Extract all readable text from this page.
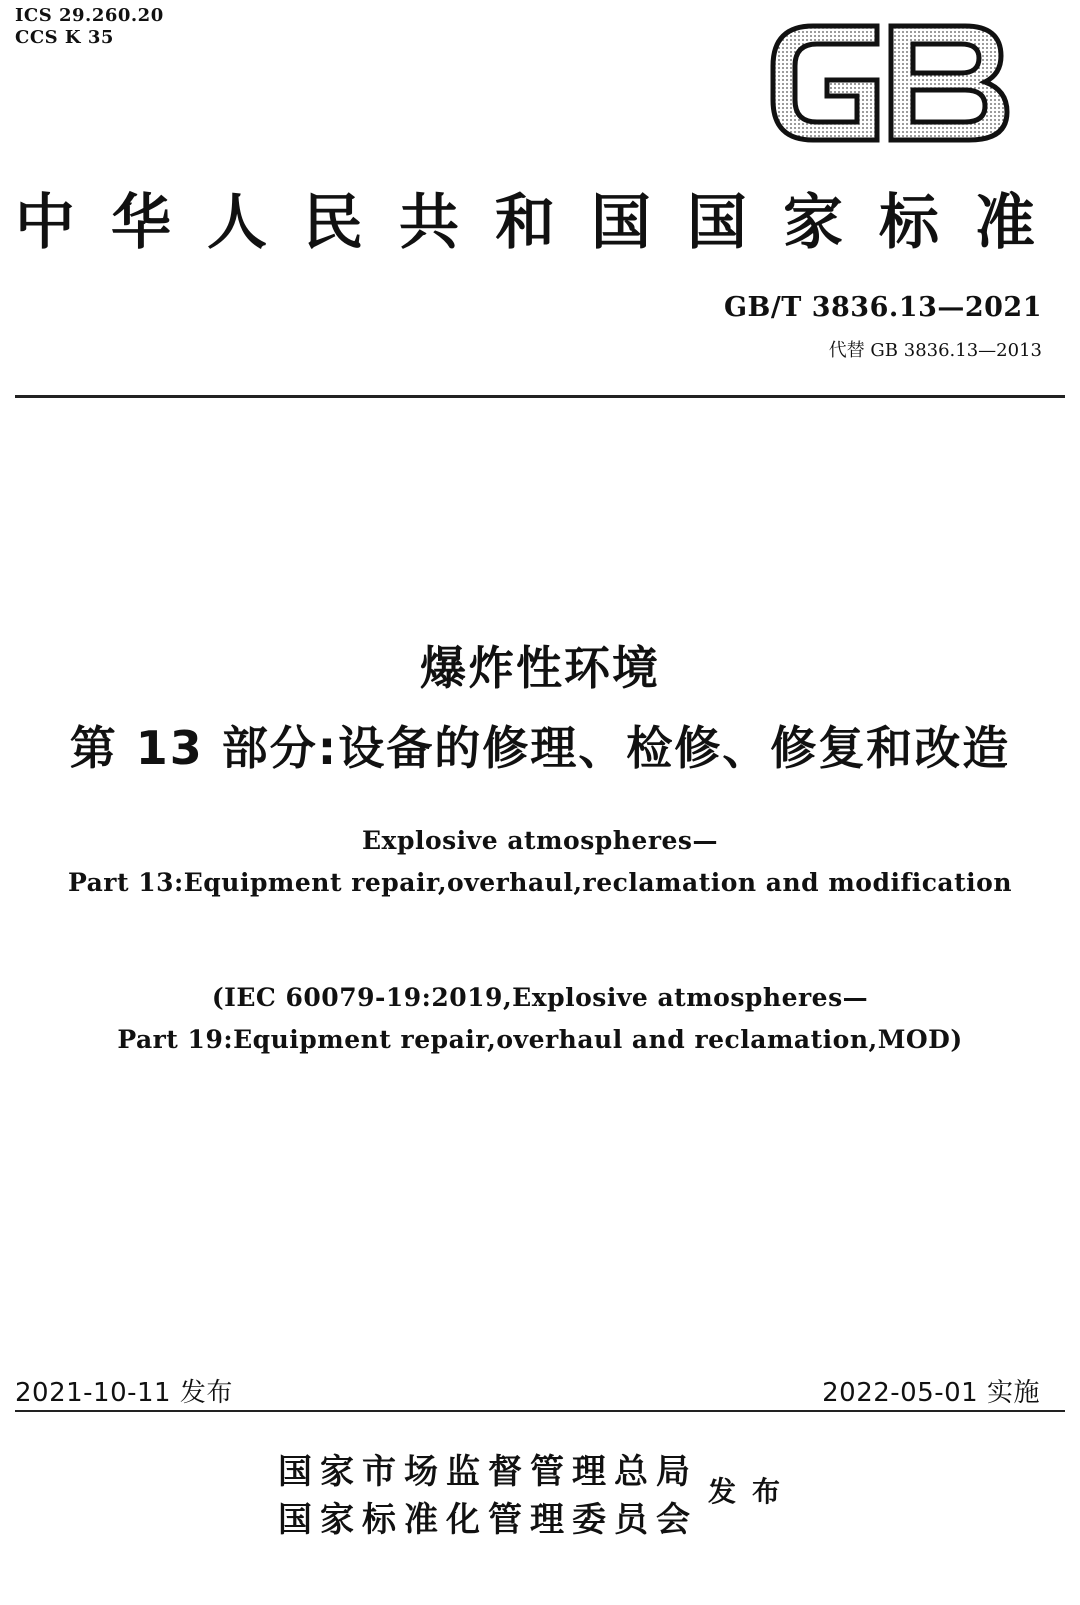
ICS 29.260.20
CCS K 35
中华人民共和国国家标准
GB/T 3836.13—2021
代替 GB 3836.13—2013
爆炸性环境
第 13 部分:设备的修理、检修、修复和改造
Explosive atmospheres—
Part 13:Equipment repair,overhaul,reclamation and modification
(IEC 60079-19:2019,Explosive atmospheres—
Part 19:Equipment repair,overhaul and reclamation,MOD)
2021-10-11 发布	2022-05-01 实施
国家市场监督管理总局
国家标准化管理委员会
发布
